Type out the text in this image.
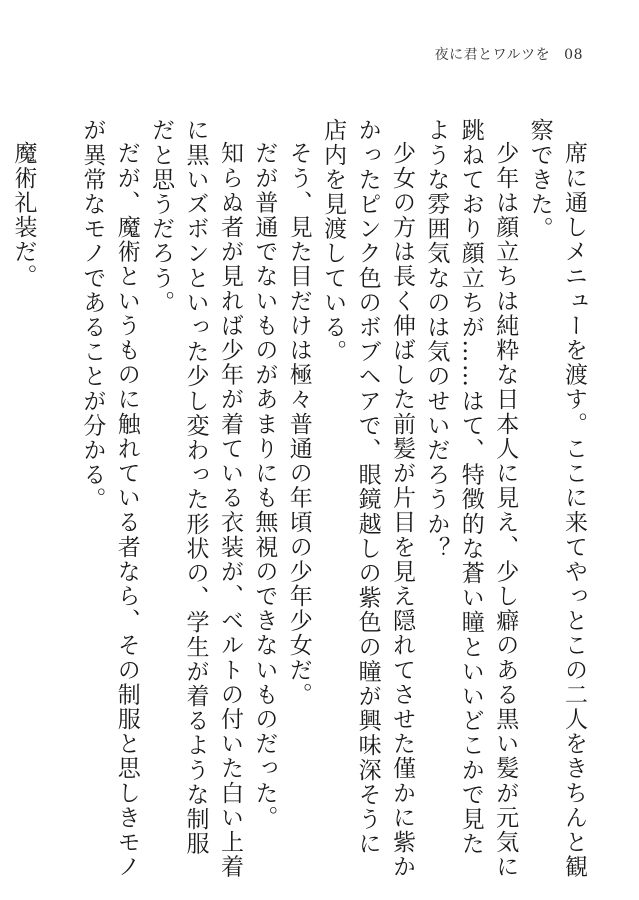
夜に君とワルツを 08

席に通しメニューを渡す。ここに来てやっとこの二人をきちんと観察できた。

少年は顔立ちは純粋な日本人に見え、少し癖のある黒い髪が元気に跳ねており顔立ちが……はて、特徴的な蒼い瞳といいどこかで見たような雰囲気なのは気のせいだろうか？

少女の方は長く伸ばした前髪が片目を見え隠れてさせた僅かに紫かかったピンク色のボブヘアで、眼鏡越しの紫色の瞳が興味深そうに店内を見渡している。

そう、見た目だけは極々普通の年頃の少年少女だ。

だが普通でないものがあまりにも無視のできないものだった。

知らぬ者が見れば少年が着ている衣装が、ベルトの付いた白い上着に黒いズボンといった少し変わった形状の、学生が着るような制服だと思うだろう。

だが、魔術というものに触れている者なら、その制服と思しきモノが異常なモノであることが分かる。

魔術礼装だ。
